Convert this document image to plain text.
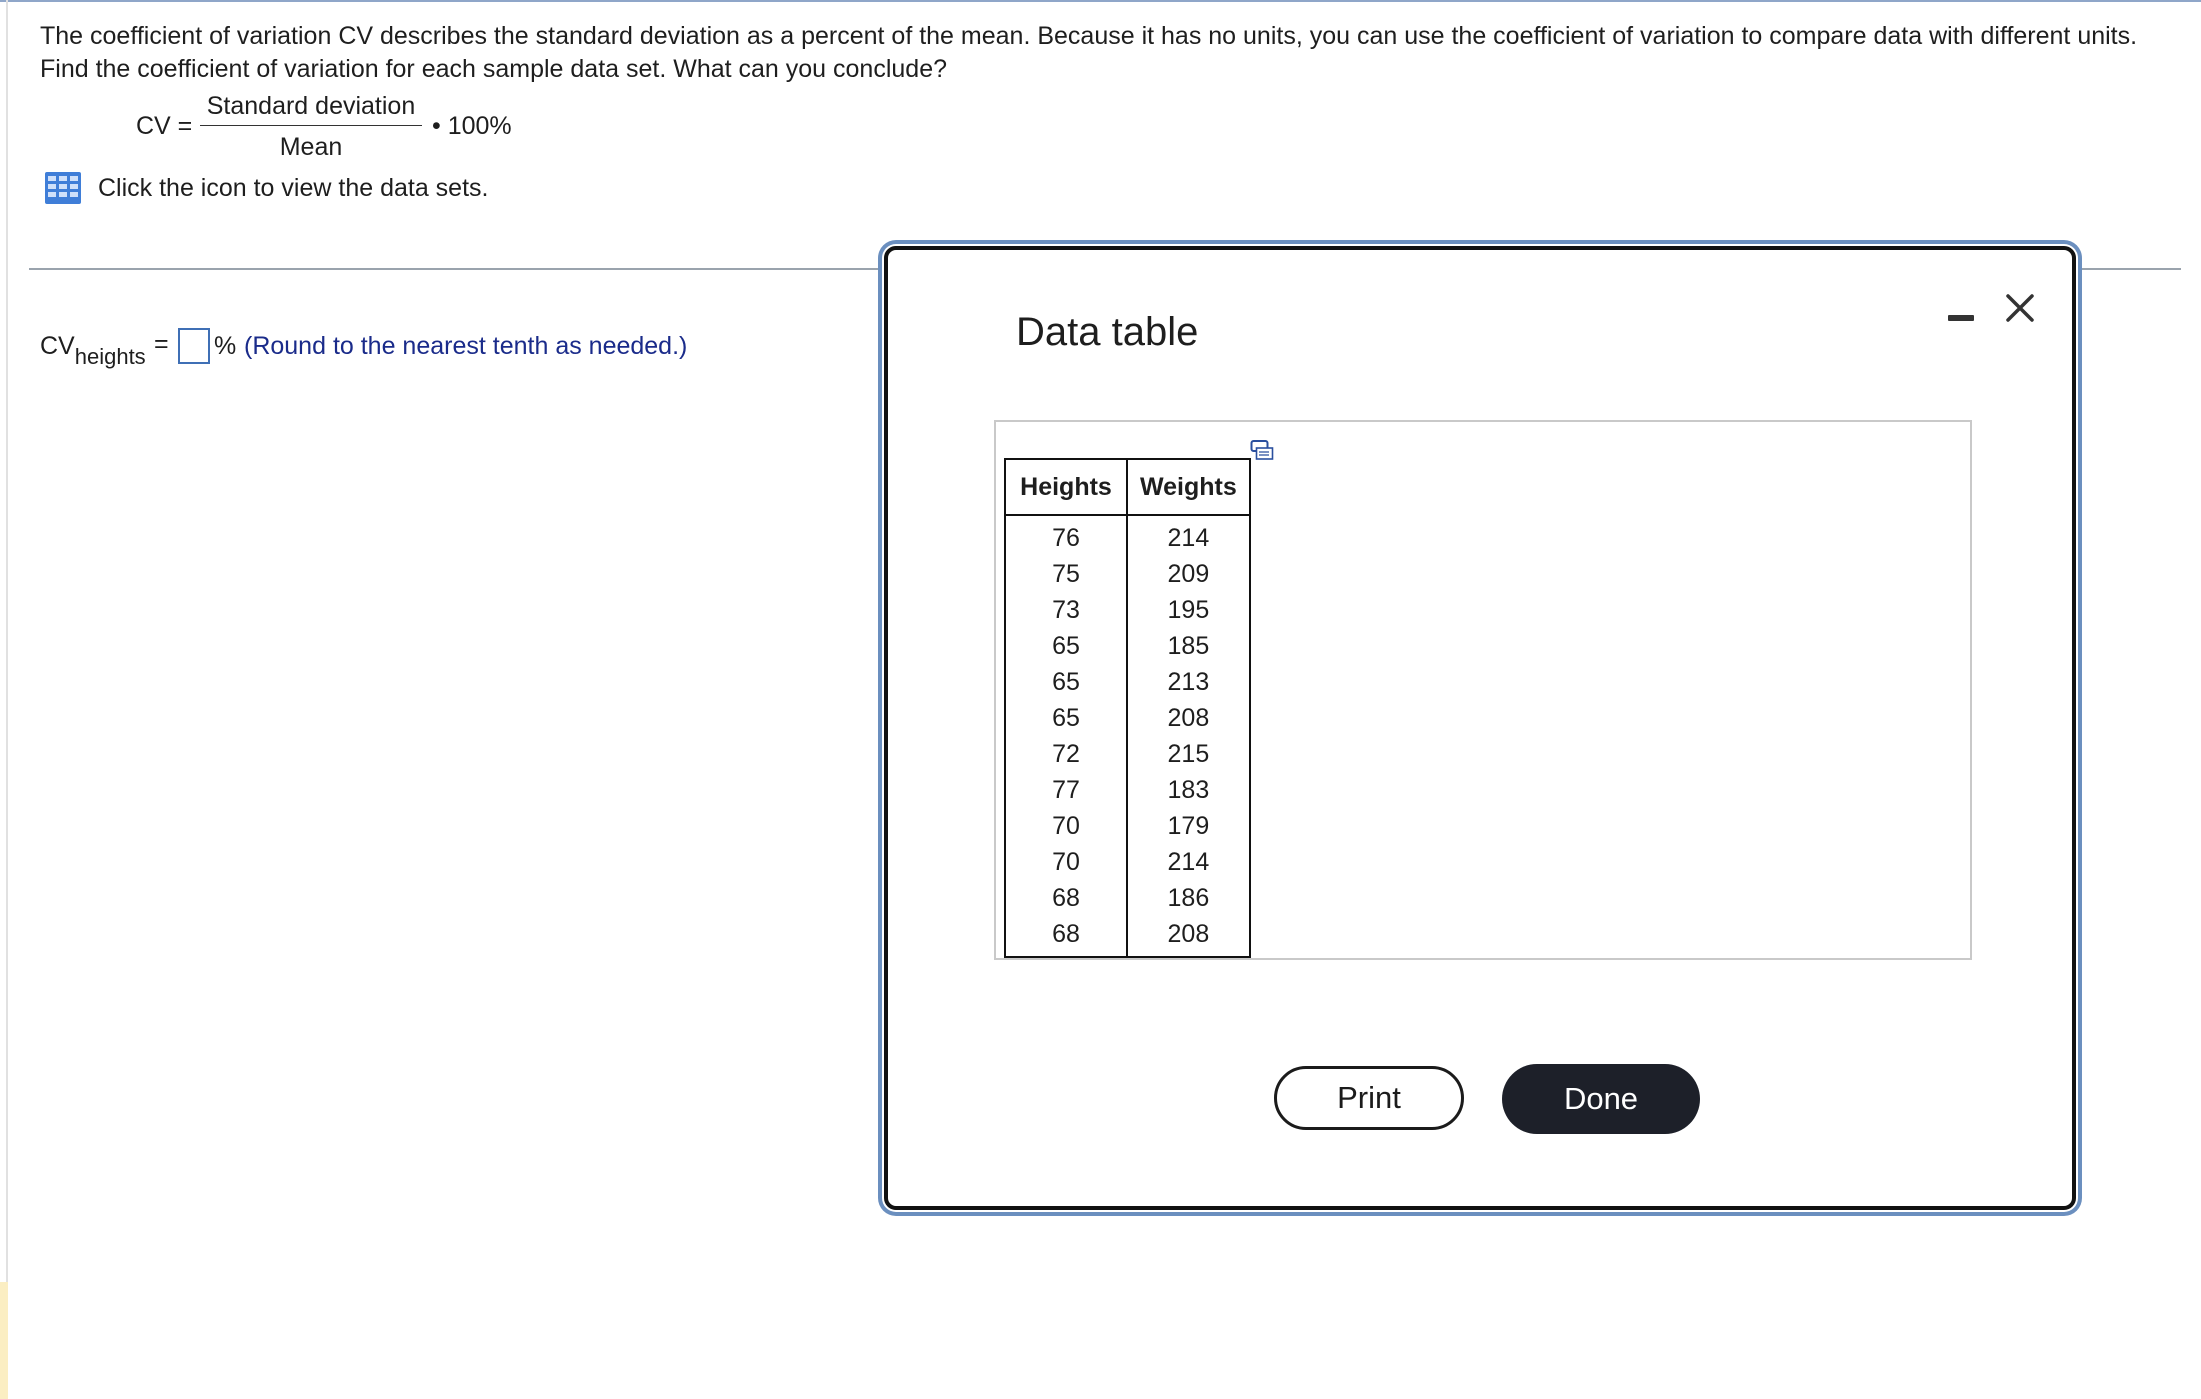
The coefficient of variation CV describes the standard deviation as a percent of the mean. Because it has no units, you can use the coefficient of variation to compare data with different units. Find the coefficient of variation for each sample data set. What can you conclude?
CV =
Standard deviation
Mean
• 100%
Click the icon to view the data sets.
$CV_{heights}$ = % (Round to the nearest tenth as needed.)	Data table
Heights	Weights
76	214
75	209
73	195
65	185
65	213
65	208
72	215
77	183
70	179
70	214
68	186
68	208
Print	Done
